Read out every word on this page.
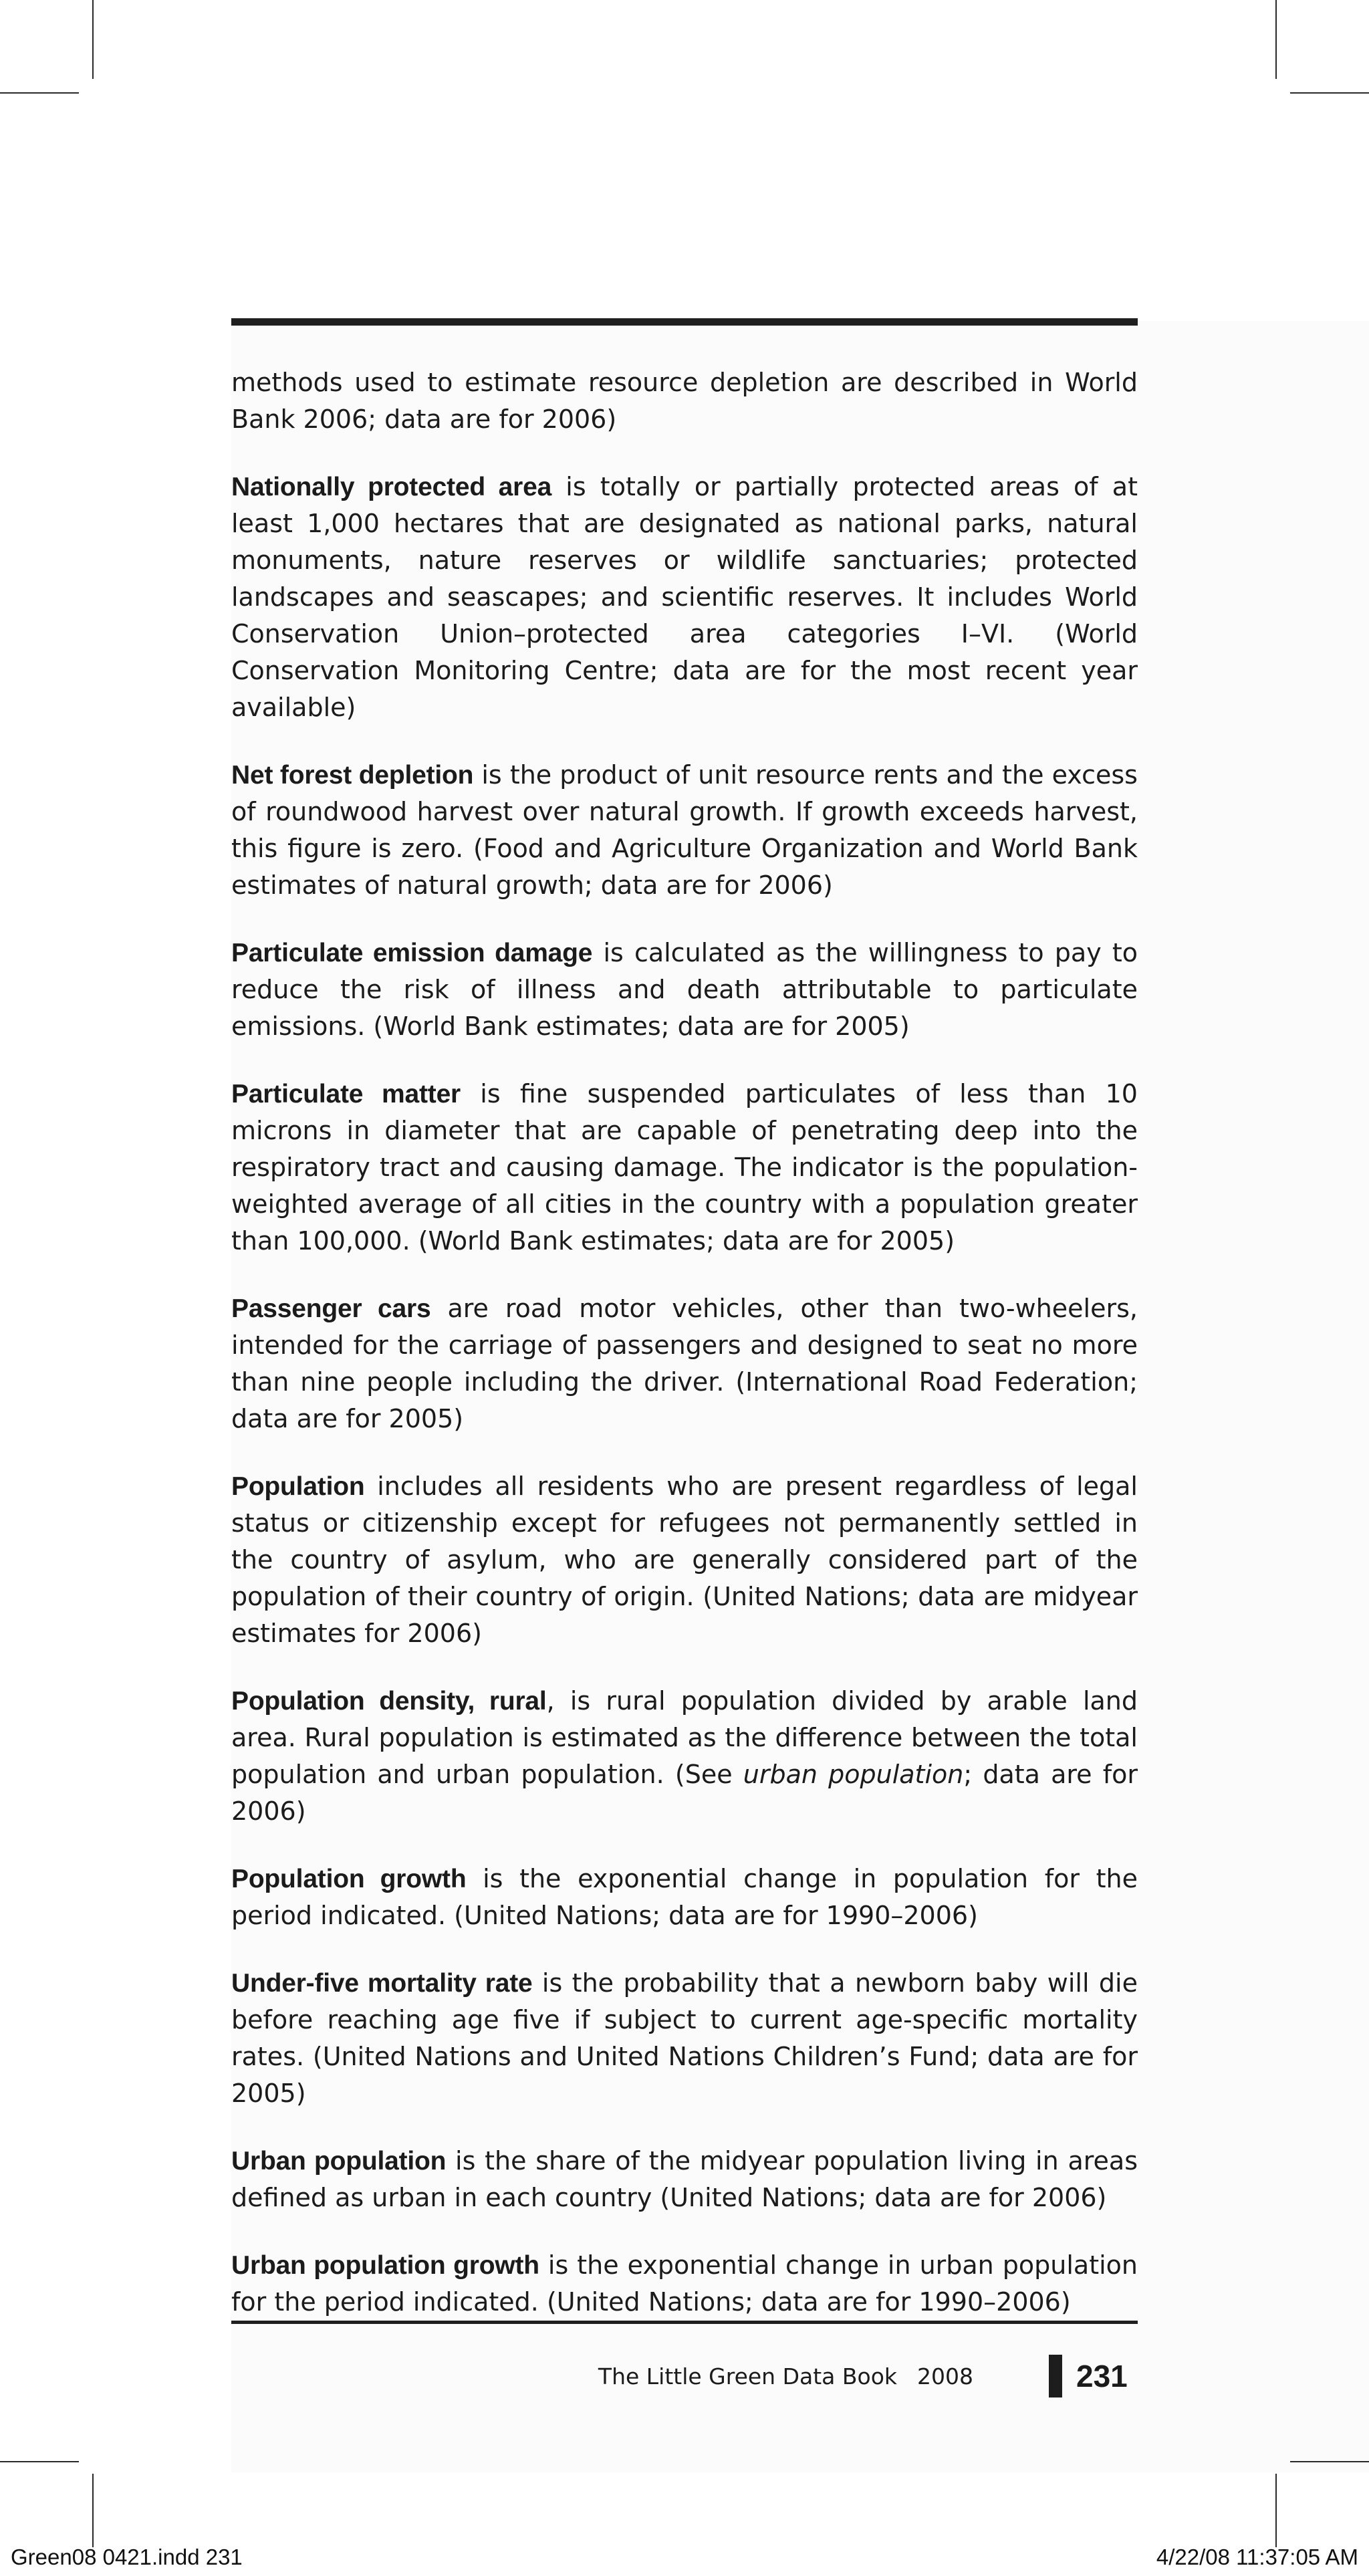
methods used to estimate resource depletion are described in World Bank 2006; data are for 2006)

Nationally protected area is totally or partially protected areas of at least 1,000 hectares that are designated as national parks, natural monuments, nature reserves or wildlife sanctuaries; protected landscapes and seascapes; and scientific reserves. It includes World Conservation Union–protected area categories I–VI. (World Conservation Monitoring Centre; data are for the most recent year available)

Net forest depletion is the product of unit resource rents and the excess of roundwood harvest over natural growth. If growth exceeds harvest, this figure is zero. (Food and Agriculture Organization and World Bank estimates of natural growth; data are for 2006)

Particulate emission damage is calculated as the willingness to pay to reduce the risk of illness and death attributable to particulate emissions. (World Bank estimates; data are for 2005)

Particulate matter is fine suspended particulates of less than 10 microns in diameter that are capable of penetrating deep into the respiratory tract and causing damage. The indicator is the population-weighted average of all cities in the country with a population greater than 100,000. (World Bank estimates; data are for 2005)

Passenger cars are road motor vehicles, other than two-wheelers, intended for the carriage of passengers and designed to seat no more than nine people including the driver. (International Road Federation; data are for 2005)

Population includes all residents who are present regardless of legal status or citizenship except for refugees not permanently settled in the country of asylum, who are generally considered part of the population of their country of origin. (United Nations; data are midyear estimates for 2006)

Population density, rural, is rural population divided by arable land area. Rural population is estimated as the difference between the total population and urban population. (See urban population; data are for 2006)

Population growth is the exponential change in population for the period indicated. (United Nations; data are for 1990–2006)

Under-five mortality rate is the probability that a newborn baby will die before reaching age five if subject to current age-specific mortality rates. (United Nations and United Nations Children’s Fund; data are for 2005)

Urban population is the share of the midyear population living in areas defined as urban in each country (United Nations; data are for 2006)

Urban population growth is the exponential change in urban population for the period indicated. (United Nations; data are for 1990–2006)

The Little Green Data Book 2008	231
Green08 0421.indd 231	4/22/08 11:37:05 AM
